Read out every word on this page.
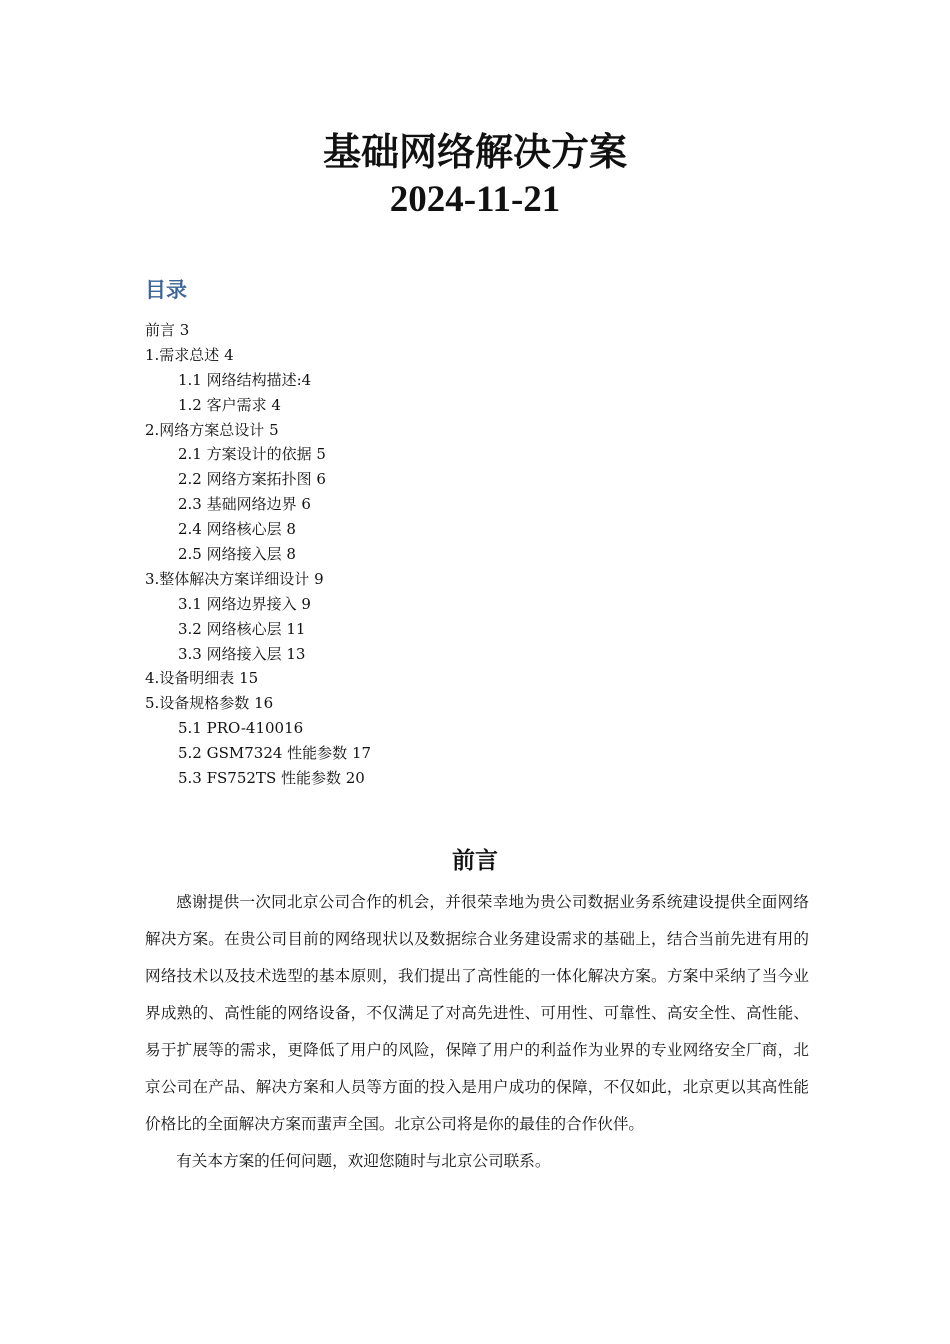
基础网络解决方案
2024-11-21
目录
前言 3
1.需求总述 4
1.1 网络结构描述:4
1.2 客户需求 4
2.网络方案总设计 5
2.1 方案设计的依据 5
2.2 网络方案拓扑图 6
2.3 基础网络边界 6
2.4 网络核心层 8
2.5 网络接入层 8
3.整体解决方案详细设计 9
3.1 网络边界接入 9
3.2 网络核心层 11
3.3 网络接入层 13
4.设备明细表 15
5.设备规格参数 16
5.1 PRO-410016
5.2 GSM7324 性能参数 17
5.3 FS752TS 性能参数 20
前言

感谢提供一次同北京公司合作的机会，并很荣幸地为贵公司数据业务系统建设提供全面网络解决方案。在贵公司目前的网络现状以及数据综合业务建设需求的基础上，结合当前先进有用的网络技术以及技术选型的基本原则，我们提出了高性能的一体化解决方案。方案中采纳了当今业界成熟的、高性能的网络设备，不仅满足了对高先进性、可用性、可靠性、高安全性、高性能、易于扩展等的需求，更降低了用户的风险，保障了用户的利益作为业界的专业网络安全厂商，北京公司在产品、解决方案和人员等方面的投入是用户成功的保障，不仅如此，北京更以其高性能价格比的全面解决方案而蜚声全国。北京公司将是你的最佳的合作伙伴。

有关本方案的任何问题，欢迎您随时与北京公司联系。
